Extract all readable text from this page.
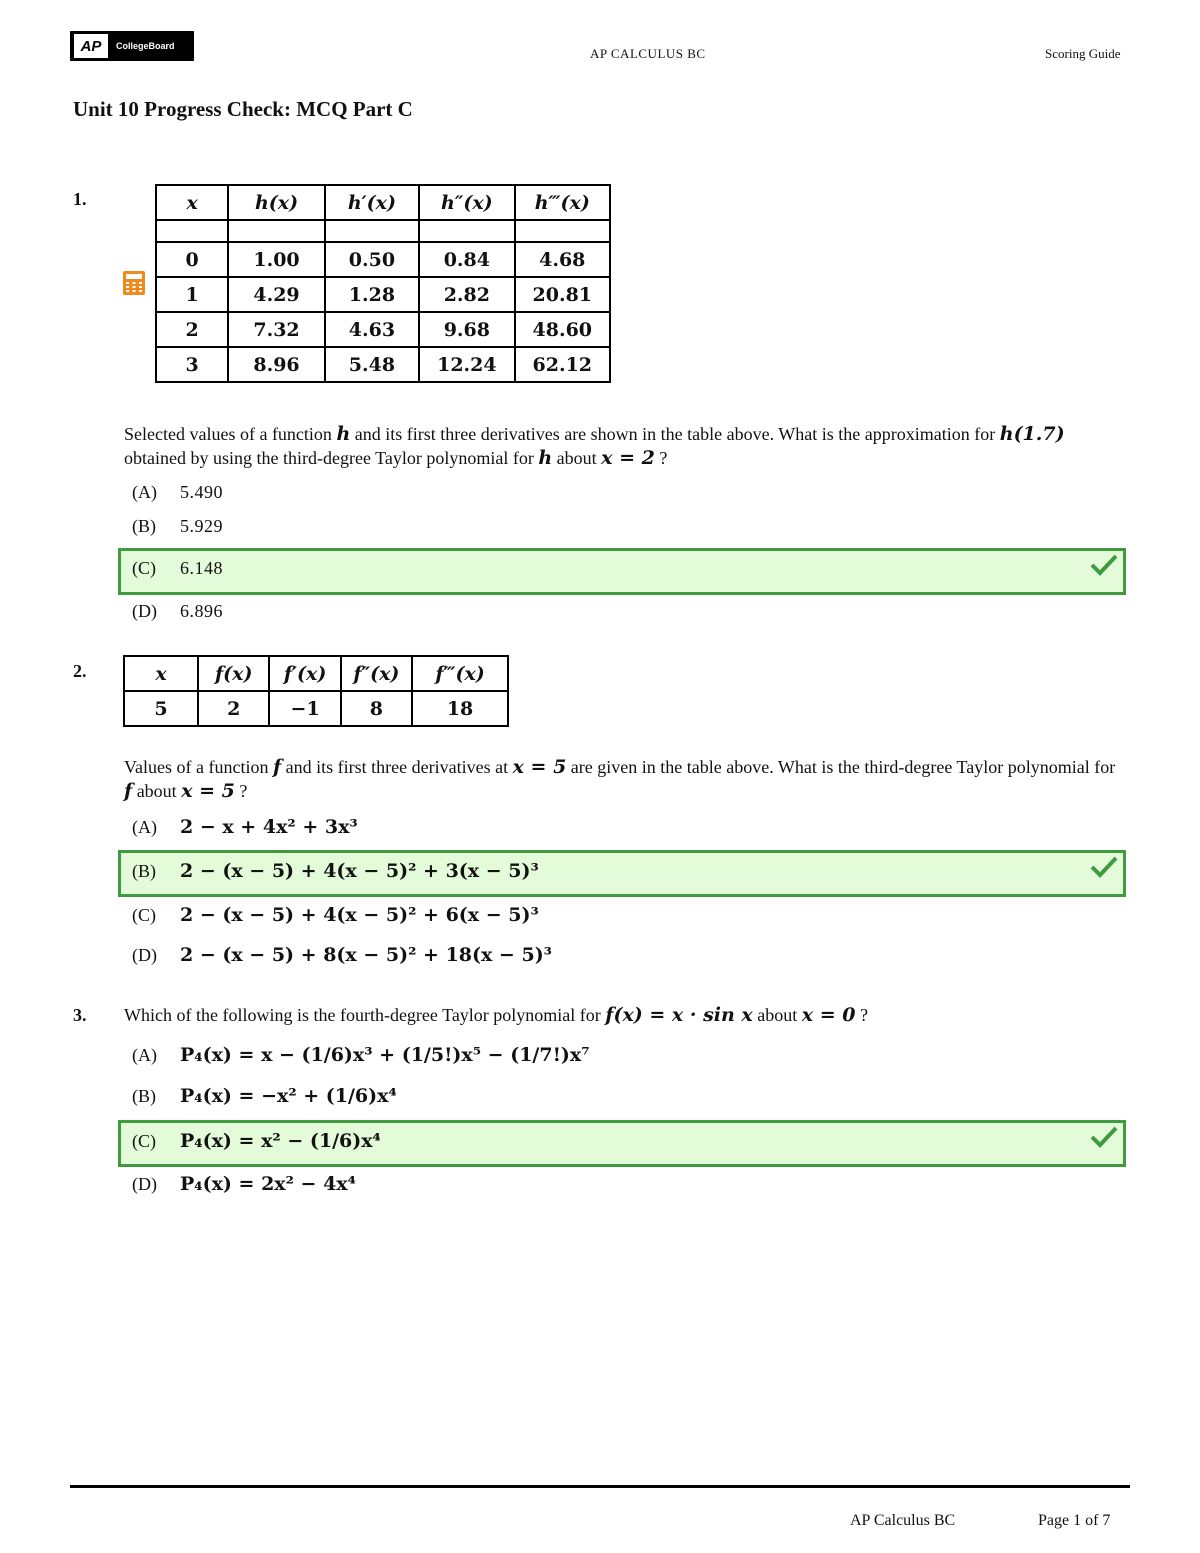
AP	CollegeBoard	AP CALCULUS BC	Scoring Guide
Unit 10 Progress Check: MCQ Part C
1.	x	h(x)	h′(x)	h″(x)	h‴(x)

0	1.00	0.50	0.84	4.68
1	4.29	1.28	2.82	20.81
2	7.32	4.63	9.68	48.60
3	8.96	5.48	12.24	62.12
Selected values of a function h and its first three derivatives are shown in the table above. What is the approximation for h(1.7) obtained by using the third-degree Taylor polynomial for h about x = 2 ?
(A)	5.490
(B)	5.929
(C)	6.148
(D)	6.896
2.	x	f(x)	f′(x)	f″(x)	f‴(x)
5	2	−1	8	18
Values of a function f and its first three derivatives at x = 5 are given in the table above. What is the third-degree Taylor polynomial for f about x = 5 ?
(A)	2 − x + 4x² + 3x³
(B)	2 − (x − 5) + 4(x − 5)² + 3(x − 5)³
(C)	2 − (x − 5) + 4(x − 5)² + 6(x − 5)³
(D)	2 − (x − 5) + 8(x − 5)² + 18(x − 5)³
3. Which of the following is the fourth-degree Taylor polynomial for f(x) = x · sin x about x = 0 ?
(A)	P₄(x) = x − (1/6)x³ + (1/5!)x⁵ − (1/7!)x⁷
(B)	P₄(x) = −x² + (1/6)x⁴
(C)	P₄(x) = x² − (1/6)x⁴
(D)	P₄(x) = 2x² − 4x⁴
AP Calculus BC	Page 1 of 7
